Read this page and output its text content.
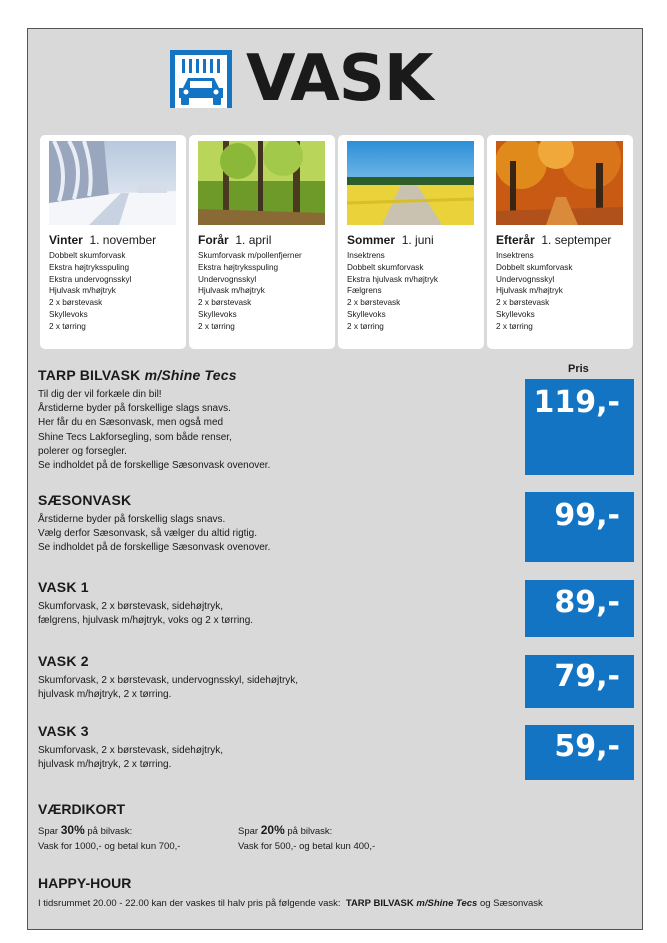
VASK
Vinter 1. november
Dobbelt skumforvask
Ekstra højtryksspuling
Ekstra undervognsskyl
Hjulvask m/højtryk
2 x børstevask
Skyllevoks
2 x tørring
Forår 1. april
Skumforvask m/pollenfjerner
Ekstra højtryksspuling
Undervognsskyl
Hjulvask m/højtryk
2 x børstevask
Skyllevoks
2 x tørring
Sommer 1. juni
Insektrens
Dobbelt skumforvask
Ekstra hjulvask m/højtryk
Fælgrens
2 x børstevask
Skyllevoks
2 x tørring
Efterår 1. septemper
Insektrens
Dobbelt skumforvask
Undervognsskyl
Hjulvask m/højtryk
2 x børstevask
Skyllevoks
2 x tørring
Pris
TARP BILVASK m/Shine Tecs

Til dig der vil forkæle din bil!
Årstiderne byder på forskellige slags snavs.
Her får du en Sæsonvask, men også med
Shine Tecs Lakforsegling, som både renser,
polerer og forsegler.
Se indholdet på de forskellige Sæsonvask ovenover.

119,-
SÆSONVASK

Årstiderne byder på forskellig slags snavs.
Vælg derfor Sæsonvask, så vælger du altid rigtig.
Se indholdet på de forskellige Sæsonvask ovenover.

99,-
VASK 1

Skumforvask, 2 x børstevask, sidehøjtryk,
fælgrens, hjulvask m/højtryk, voks og 2 x tørring.

89,-
VASK 2

Skumforvask, 2 x børstevask, undervognsskyl, sidehøjtryk,
hjulvask m/højtryk, 2 x tørring.

79,-
VASK 3

Skumforvask, 2 x børstevask, sidehøjtryk,
hjulvask m/højtryk, 2 x tørring.

59,-
VÆRDIKORT
Spar 30% på bilvask:
Vask for 1000,- og betal kun 700,-
Spar 20% på bilvask:
Vask for 500,- og betal kun 400,-
HAPPY-HOUR

I tidsrummet 20.00 - 22.00 kan der vaskes til halv pris på følgende vask: TARP BILVASK m/Shine Tecs og Sæsonvask
